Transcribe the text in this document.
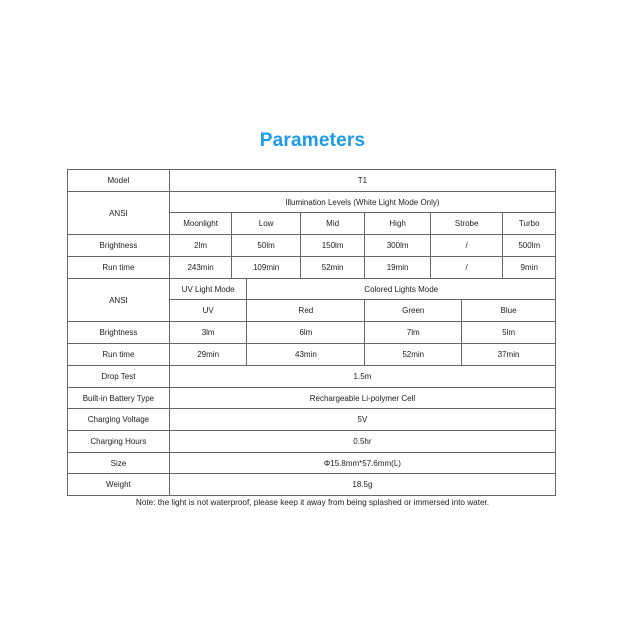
Parameters
Model	T1							
ANSI	Illumination Levels (White Light Mode Only)							
	Moonlight	Low		Mid	High	Strobe		Turbo
Brightness	2lm	50lm		150lm	300lm	/		500lm
Run time	243min	109min		52min	19min	/		9min
ANSI	UV Light Mode		Colored Lights Mode					
	UV		Red		Green		Blue	
Brightness	3lm		6lm		7lm		5lm	
Run time	29min		43min		52min		37min	
Drop Test	1.5m							
Built-in Battery Type	Rechargeable Li-polymer Cell							
Charging Voltage	5V							
Charging Hours	0.5hr							
Size	Φ15.8mm*57.6mm(L)							
Weight	18.5g							
Note: the light is not waterproof, please keep it away from being splashed or immersed into water.
